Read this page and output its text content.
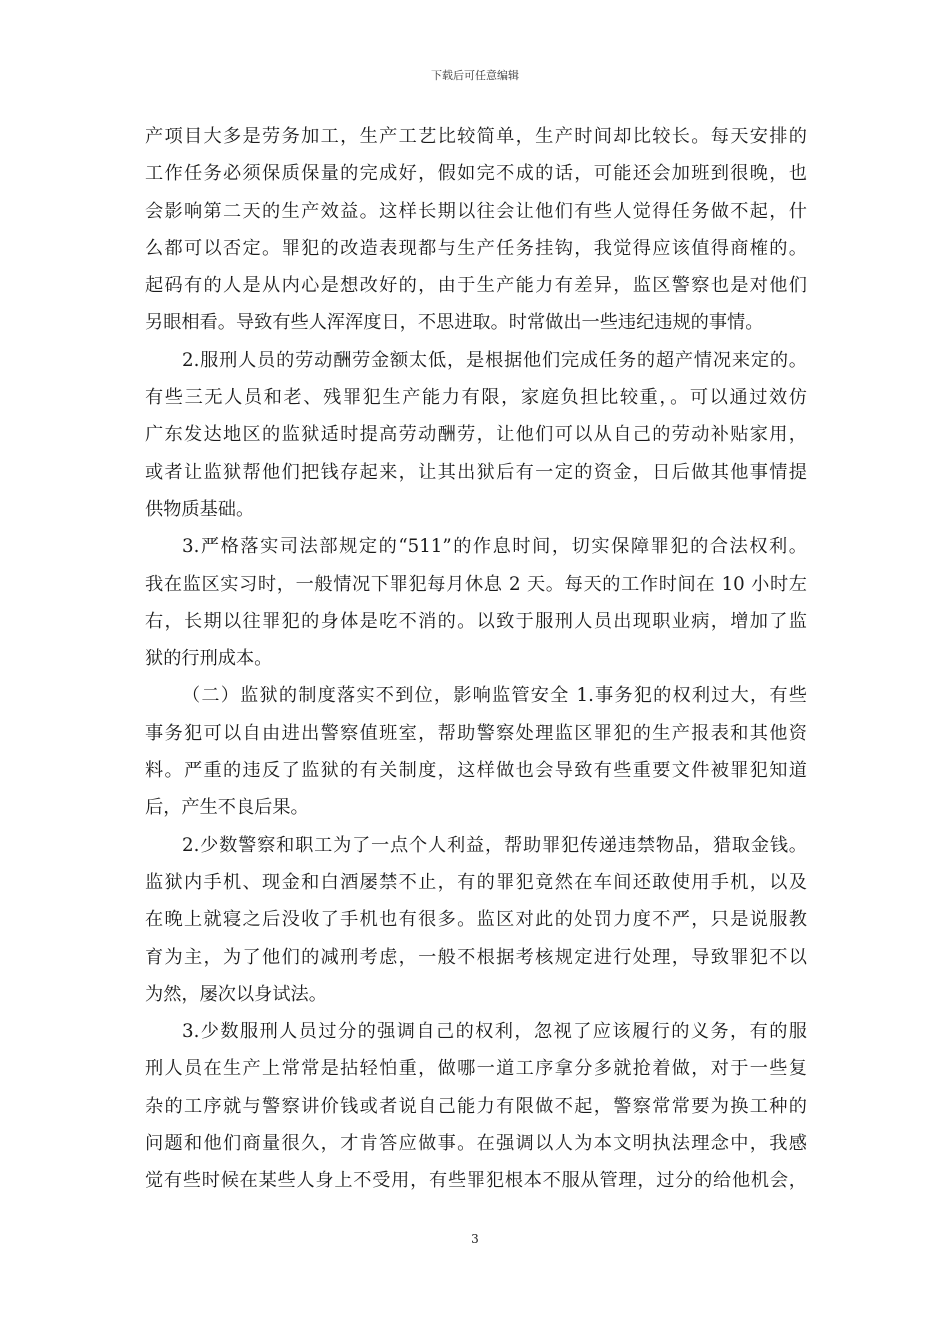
下载后可任意编辑
产项目大多是劳务加工，生产工艺比较简单，生产时间却比较长。每天安排的
工作任务必须保质保量的完成好，假如完不成的话，可能还会加班到很晚，也
会影响第二天的生产效益。这样长期以往会让他们有些人觉得任务做不起，什
么都可以否定。罪犯的改造表现都与生产任务挂钩，我觉得应该值得商榷的。
起码有的人是从内心是想改好的，由于生产能力有差异，监区警察也是对他们
另眼相看。导致有些人浑浑度日，不思进取。时常做出一些违纪违规的事情。
2.服刑人员的劳动酬劳金额太低，是根据他们完成任务的超产情况来定的。
有些三无人员和老、残罪犯生产能力有限，家庭负担比较重，。可以通过效仿
广东发达地区的监狱适时提高劳动酬劳，让他们可以从自己的劳动补贴家用，
或者让监狱帮他们把钱存起来，让其出狱后有一定的资金，日后做其他事情提
供物质基础。
3.严格落实司法部规定的“511”的作息时间，切实保障罪犯的合法权利。
我在监区实习时，一般情况下罪犯每月休息 2 天。每天的工作时间在 10 小时左
右，长期以往罪犯的身体是吃不消的。以致于服刑人员出现职业病，增加了监
狱的行刑成本。
（二）监狱的制度落实不到位，影响监管安全 1.事务犯的权利过大，有些
事务犯可以自由进出警察值班室，帮助警察处理监区罪犯的生产报表和其他资
料。严重的违反了监狱的有关制度，这样做也会导致有些重要文件被罪犯知道
后，产生不良后果。
2.少数警察和职工为了一点个人利益，帮助罪犯传递违禁物品，猎取金钱。
监狱内手机、现金和白酒屡禁不止，有的罪犯竟然在车间还敢使用手机，以及
在晚上就寝之后没收了手机也有很多。监区对此的处罚力度不严，只是说服教
育为主，为了他们的减刑考虑，一般不根据考核规定进行处理，导致罪犯不以
为然，屡次以身试法。
3.少数服刑人员过分的强调自己的权利，忽视了应该履行的义务，有的服
刑人员在生产上常常是拈轻怕重，做哪一道工序拿分多就抢着做，对于一些复
杂的工序就与警察讲价钱或者说自己能力有限做不起，警察常常要为换工种的
问题和他们商量很久，才肯答应做事。在强调以人为本文明执法理念中，我感
觉有些时候在某些人身上不受用，有些罪犯根本不服从管理，过分的给他机会，
3
